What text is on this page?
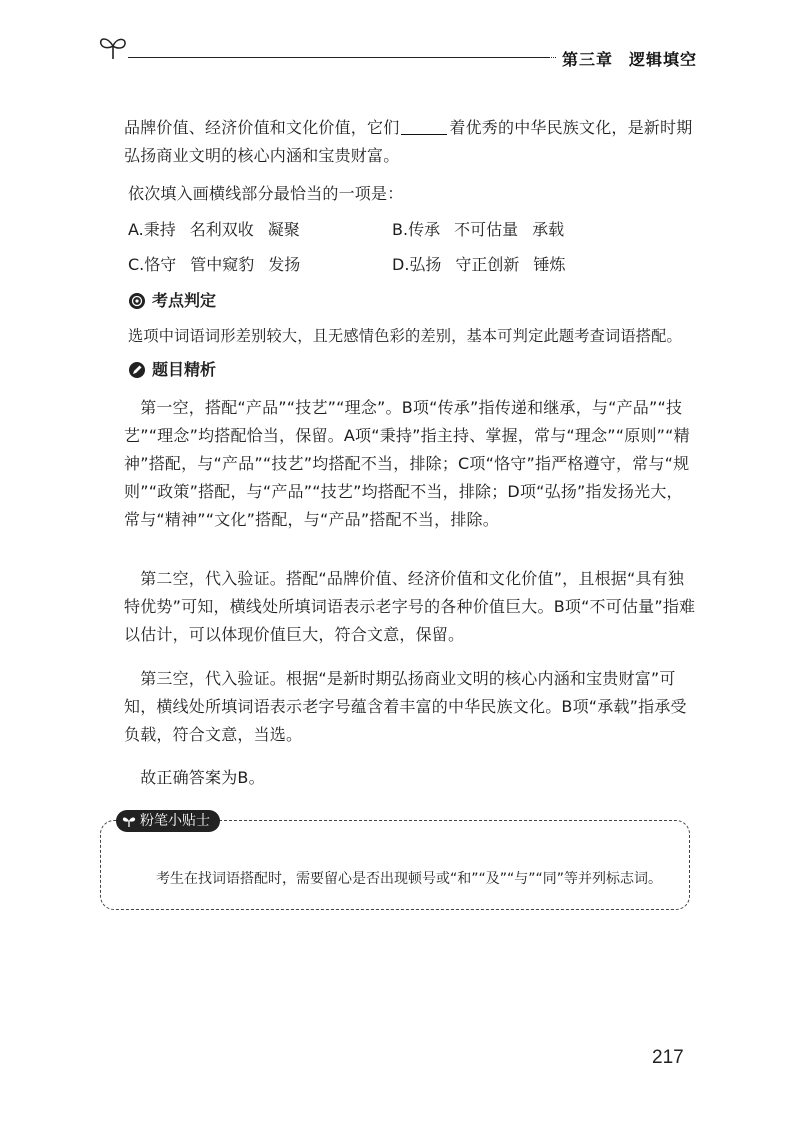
第三章 逻辑填空

品牌价值、经济价值和文化价值，它们	着优秀的中华民族文化，是新时期弘扬商业文明的核心内涵和宝贵财富。

依次填入画横线部分最恰当的一项是：

A.秉持 名利双收 凝聚	B.传承 不可估量 承载
C.恪守 管中窥豹 发扬	D.弘扬 守正创新 锤炼
考点判定

选项中词语词形差别较大，且无感情色彩的差别，基本可判定此题考查词语搭配。

题目精析

 第一空，搭配“产品”“技艺”“理念”。B项“传承”指传递和继承，与“产品”“技艺”“理念”均搭配恰当，保留。A项“秉持”指主持、掌握，常与“理念”“原则”“精神”搭配，与“产品”“技艺”均搭配不当，排除；C项“恪守”指严格遵守，常与“规则”“政策”搭配，与“产品”“技艺”均搭配不当，排除；D项“弘扬”指发扬光大，常与“精神”“文化”搭配，与“产品”搭配不当，排除。

 第二空，代入验证。搭配“品牌价值、经济价值和文化价值”，且根据“具有独特优势”可知，横线处所填词语表示老字号的各种价值巨大。B项“不可估量”指难以估计，可以体现价值巨大，符合文意，保留。

 第三空，代入验证。根据“是新时期弘扬商业文明的核心内涵和宝贵财富”可知，横线处所填词语表示老字号蕴含着丰富的中华民族文化。B项“承载”指承受负载，符合文意，当选。

 故正确答案为B。

粉笔小贴士

  考生在找词语搭配时，需要留心是否出现顿号或“和”“及”“与”“同”等并列标志词。

217
